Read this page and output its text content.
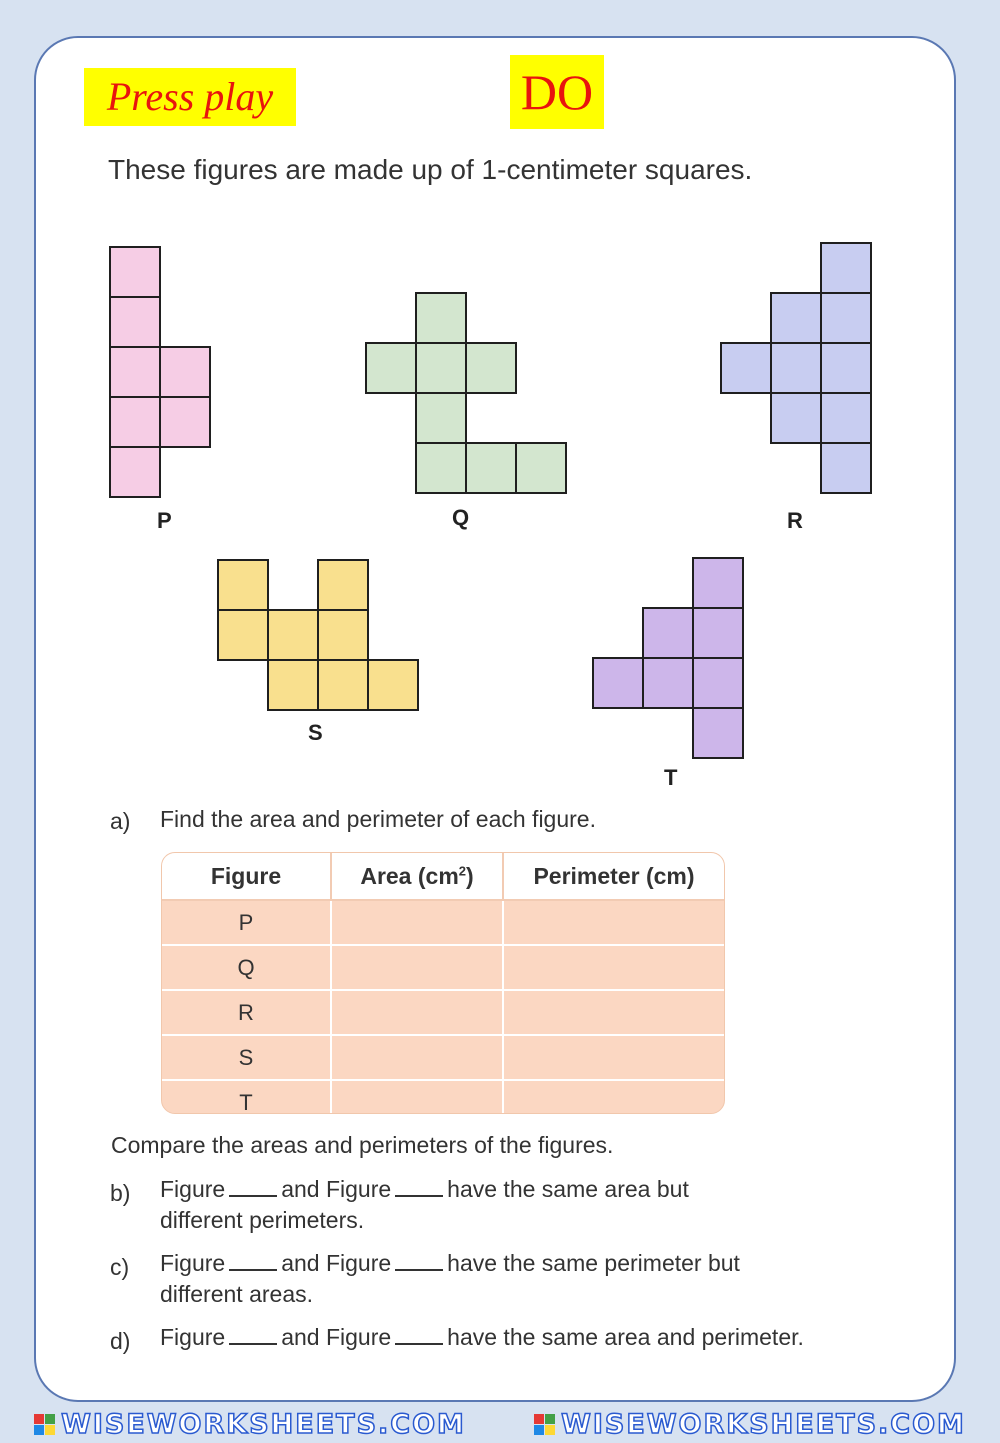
Press play	DO
These figures are made up of 1-centimeter squares.
P	Q	R
S
T
a) Find the area and perimeter of each figure.
Figure	Area $(cm^2)$	Perimeter (cm)
P		
Q		
R		
S		
T		
Compare the areas and perimeters of the figures.
b) Figure and Figure have the same area but
different perimeters.
c) Figure and Figure have the same perimeter but
different areas.
d) Figure and Figure have the same area and perimeter.
WISEWORKSHEETS.COM	WISEWORKSHEETS.COM
